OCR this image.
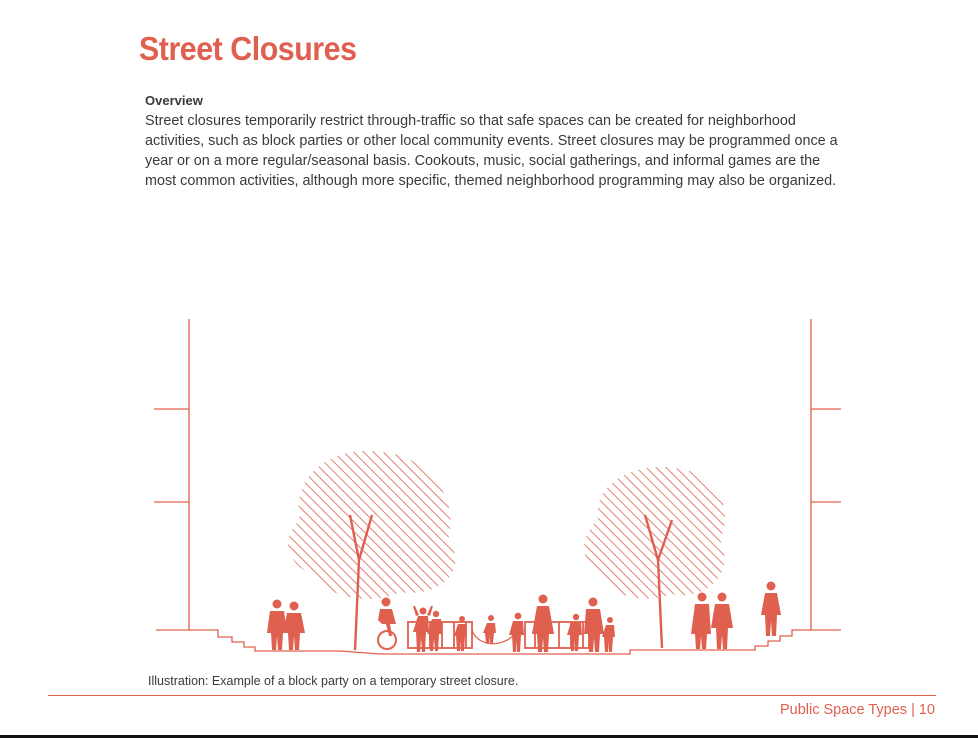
Street Closures
Overview

Street closures temporarily restrict through-traffic so that safe spaces can be created for neighborhood activities, such as block parties or other local community events. Street closures may be programmed once a year or on a more regular/seasonal basis. Cookouts, music, social gatherings, and informal games are the most common activities, although more specific, themed neighborhood programming may also be organized.

Illustration: Example of a block party on a temporary street closure.

Public Space Types | 10
